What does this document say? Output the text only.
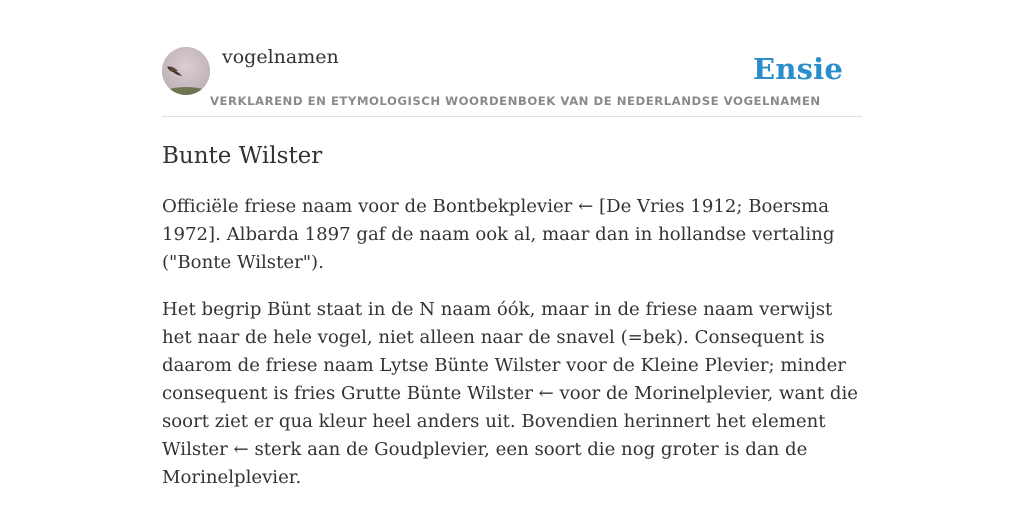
vogelnamen	Ensie
VERKLAREND EN ETYMOLOGISCH WOORDENBOEK VAN DE NEDERLANDSE VOGELNAMEN
Bunte Wilster

Officiële friese naam voor de Bontbekplevier ← [De Vries 1912; Boersma 1972]. Albarda 1897 gaf de naam ook al, maar dan in hollandse vertaling ("Bonte Wilster").

Het begrip Bünt staat in de N naam óók, maar in de friese naam verwijst het naar de hele vogel, niet alleen naar de snavel (=bek). Consequent is daarom de friese naam Lytse Bünte Wilster voor de Kleine Plevier; minder consequent is fries Grutte Bünte Wilster ← voor de Morinelplevier, want die soort ziet er qua kleur heel anders uit. Bovendien herinnert het element Wilster ← sterk aan de Goudplevier, een soort die nog groter is dan de Morinelplevier.
